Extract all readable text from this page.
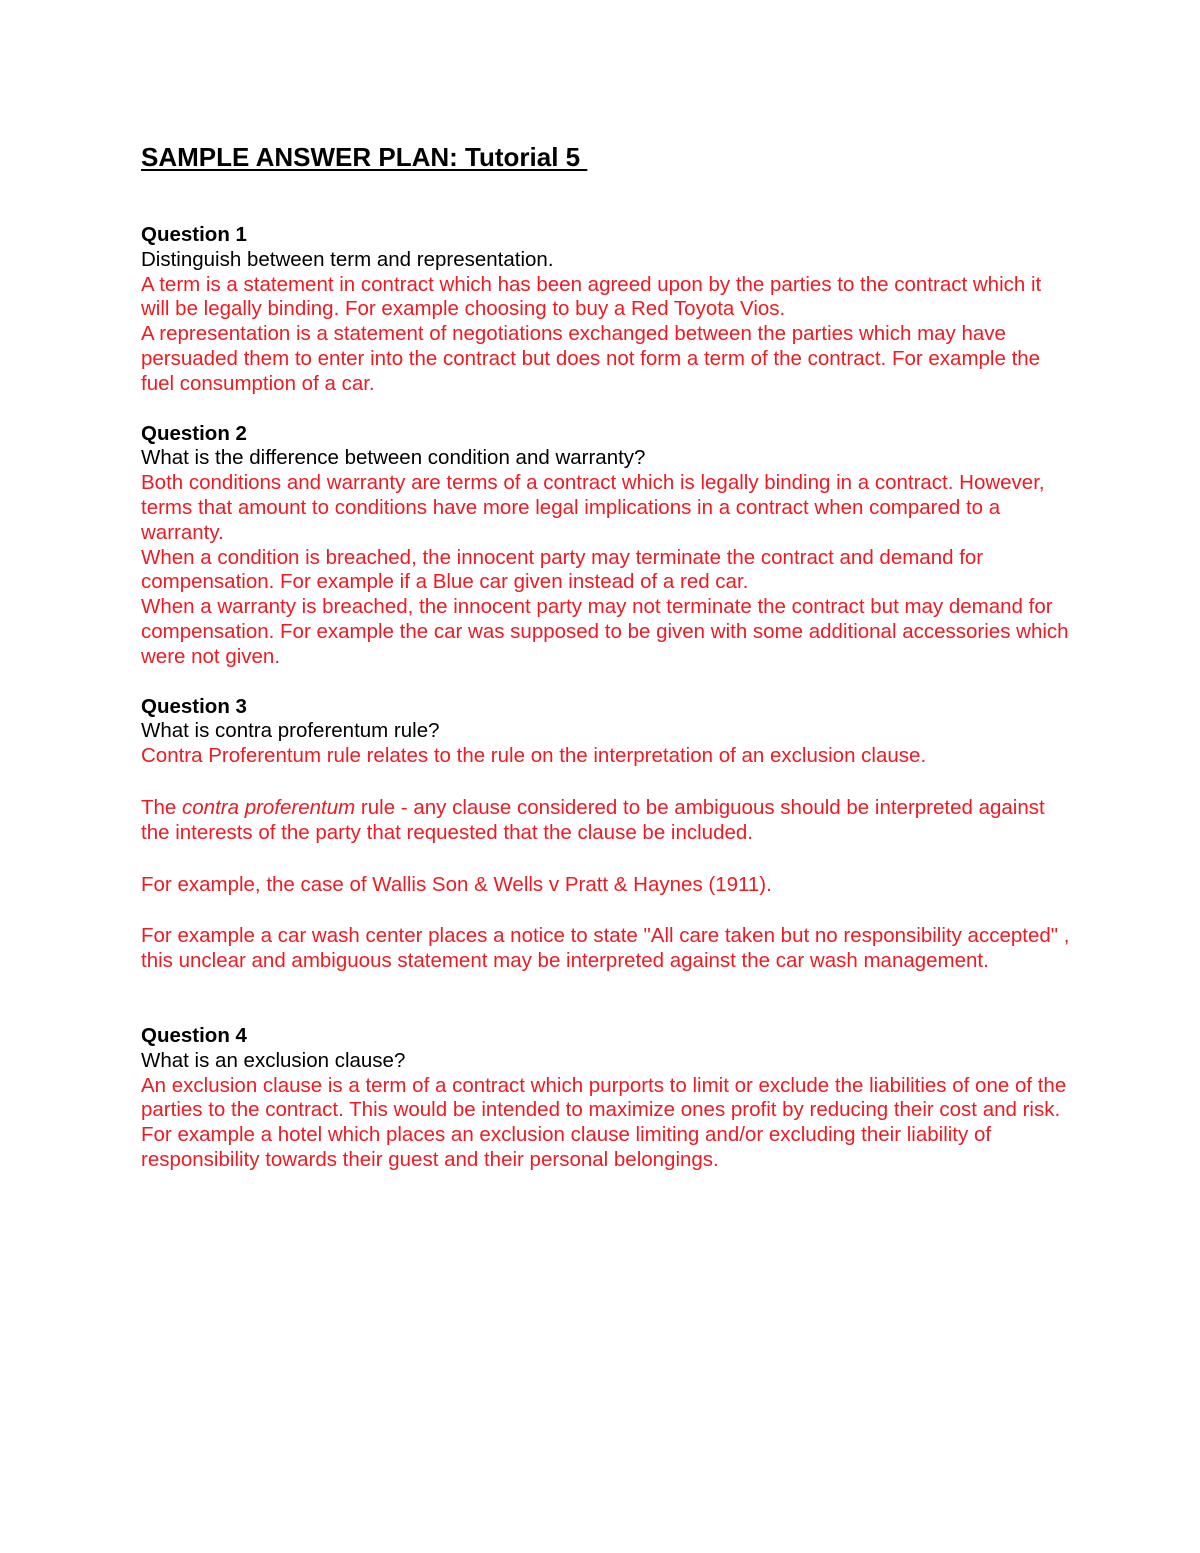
SAMPLE ANSWER PLAN: Tutorial 5

Question 1

Distinguish between term and representation.

A term is a statement in contract which has been agreed upon by the parties to the contract which it will be legally binding. For example choosing to buy a Red Toyota Vios.

A representation is a statement of negotiations exchanged between the parties which may have persuaded them to enter into the contract but does not form a term of the contract. For example the fuel consumption of a car.

Question 2

What is the difference between condition and warranty?

Both conditions and warranty are terms of a contract which is legally binding in a contract. However, terms that amount to conditions have more legal implications in a contract when compared to a warranty.

When a condition is breached, the innocent party may terminate the contract and demand for compensation. For example if a Blue car given instead of a red car.

When a warranty is breached, the innocent party may not terminate the contract but may demand for compensation. For example the car was supposed to be given with some additional accessories which were not given.

Question 3

What is contra proferentum rule?

Contra Proferentum rule relates to the rule on the interpretation of an exclusion clause.

The contra proferentum rule - any clause considered to be ambiguous should be interpreted against the interests of the party that requested that the clause be included.

For example, the case of Wallis Son & Wells v Pratt & Haynes (1911).

For example a car wash center places a notice to state "All care taken but no responsibility accepted" , this unclear and ambiguous statement may be interpreted against the car wash management.

Question 4

What is an exclusion clause?

An exclusion clause is a term of a contract which purports to limit or exclude the liabilities of one of the parties to the contract. This would be intended to maximize ones profit by reducing their cost and risk.

For example a hotel which places an exclusion clause limiting and/or excluding their liability of responsibility towards their guest and their personal belongings.
